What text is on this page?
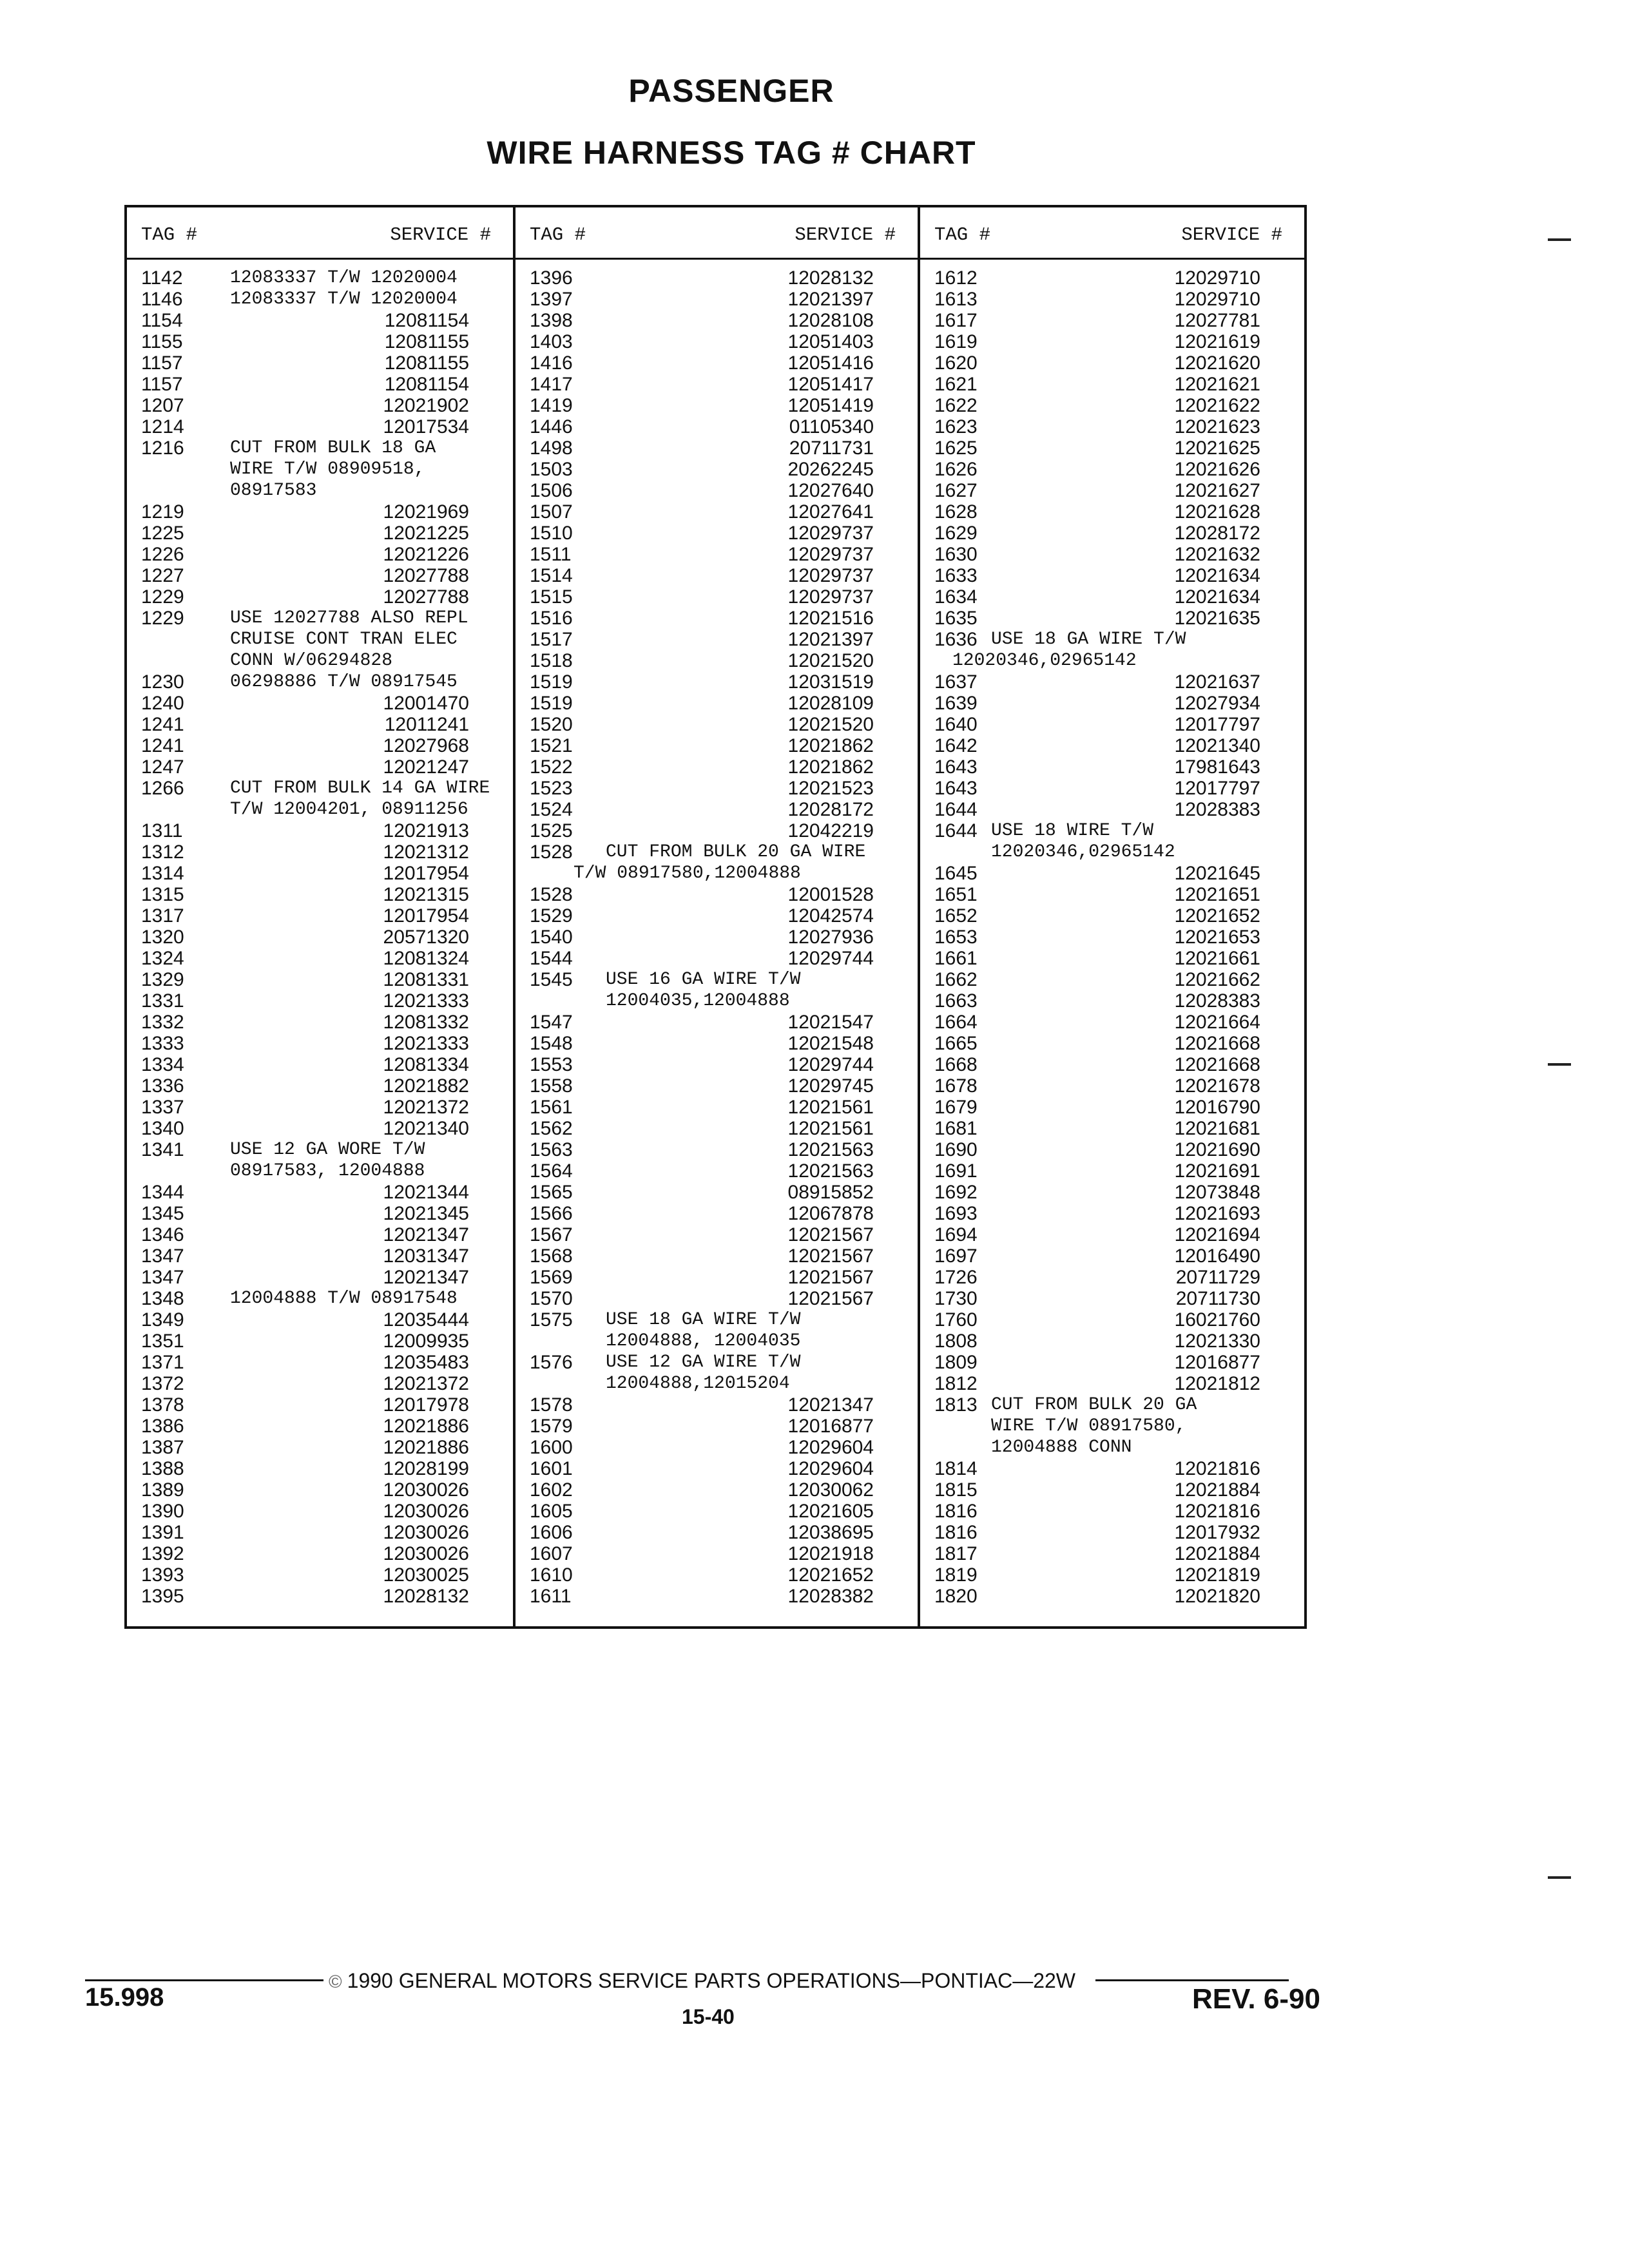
PASSENGER
WIRE HARNESS TAG # CHART
TAG #	SERVICE #
1142	12083337 T/W 12020004
1146	12083337 T/W 12020004
1154	12081154
1155	12081155
1157	12081155
1157	12081154
1207	12021902
1214	12017534
1216	CUT FROM BULK 18 GA
WIRE T/W 08909518,
08917583
1219	12021969
1225	12021225
1226	12021226
1227	12027788
1229	12027788
1229	USE 12027788 ALSO REPL
CRUISE CONT TRAN ELEC
CONN W/06294828
1230	06298886 T/W 08917545
1240	12001470
1241	12011241
1241	12027968
1247	12021247
1266	CUT FROM BULK 14 GA WIRE
T/W 12004201, 08911256
1311	12021913
1312	12021312
1314	12017954
1315	12021315
1317	12017954
1320	20571320
1324	12081324
1329	12081331
1331	12021333
1332	12081332
1333	12021333
1334	12081334
1336	12021882
1337	12021372
1340	12021340
1341	USE 12 GA WORE T/W
08917583, 12004888
1344	12021344
1345	12021345
1346	12021347
1347	12031347
1347	12021347
1348	12004888 T/W 08917548
1349	12035444
1351	12009935
1371	12035483
1372	12021372
1378	12017978
1386	12021886
1387	12021886
1388	12028199
1389	12030026
1390	12030026
1391	12030026
1392	12030026
1393	12030025
1395	12028132
TAG #	SERVICE #
1396	12028132
1397	12021397
1398	12028108
1403	12051403
1416	12051416
1417	12051417
1419	12051419
1446	01105340
1498	20711731
1503	20262245
1506	12027640
1507	12027641
1510	12029737
1511	12029737
1514	12029737
1515	12029737
1516	12021516
1517	12021397
1518	12021520
1519	12031519
1519	12028109
1520	12021520
1521	12021862
1522	12021862
1523	12021523
1524	12028172
1525	12042219
1528 CUT FROM BULK 20 GA WIRE
T/W 08917580,12004888
1528	12001528
1529	12042574
1540	12027936
1544	12029744
1545 USE 16 GA WIRE T/W
12004035,12004888
1547	12021547
1548	12021548
1553	12029744
1558	12029745
1561	12021561
1562	12021561
1563	12021563
1564	12021563
1565	08915852
1566	12067878
1567	12021567
1568	12021567
1569	12021567
1570	12021567
1575 USE 18 GA WIRE T/W
12004888, 12004035
1576 USE 12 GA WIRE T/W
12004888,12015204
1578	12021347
1579	12016877
1600	12029604
1601	12029604
1602	12030062
1605	12021605
1606	12038695
1607	12021918
1610	12021652
1611	12028382
TAG #	SERVICE #
1612	12029710
1613	12029710
1617	12027781
1619	12021619
1620	12021620
1621	12021621
1622	12021622
1623	12021623
1625	12021625
1626	12021626
1627	12021627
1628	12021628
1629	12028172
1630	12021632
1633	12021634
1634	12021634
1635	12021635
1636 USE 18 GA WIRE T/W
12020346,02965142
1637	12021637
1639	12027934
1640	12017797
1642	12021340
1643	17981643
1643	12017797
1644	12028383
1644 USE 18 WIRE T/W
12020346,02965142
1645	12021645
1651	12021651
1652	12021652
1653	12021653
1661	12021661
1662	12021662
1663	12028383
1664	12021664
1665	12021668
1668	12021668
1678	12021678
1679	12016790
1681	12021681
1690	12021690
1691	12021691
1692	12073848
1693	12021693
1694	12021694
1697	12016490
1726	20711729
1730	20711730
1760	16021760
1808	12021330
1809	12016877
1812	12021812
1813 CUT FROM BULK 20 GA
WIRE T/W 08917580,
12004888 CONN
1814	12021816
1815	12021884
1816	12021816
1816	12017932
1817	12021884
1819	12021819
1820	12021820
© 1990 GENERAL MOTORS SERVICE PARTS OPERATIONS—PONTIAC—22W
15.998
15-40
REV. 6-90
